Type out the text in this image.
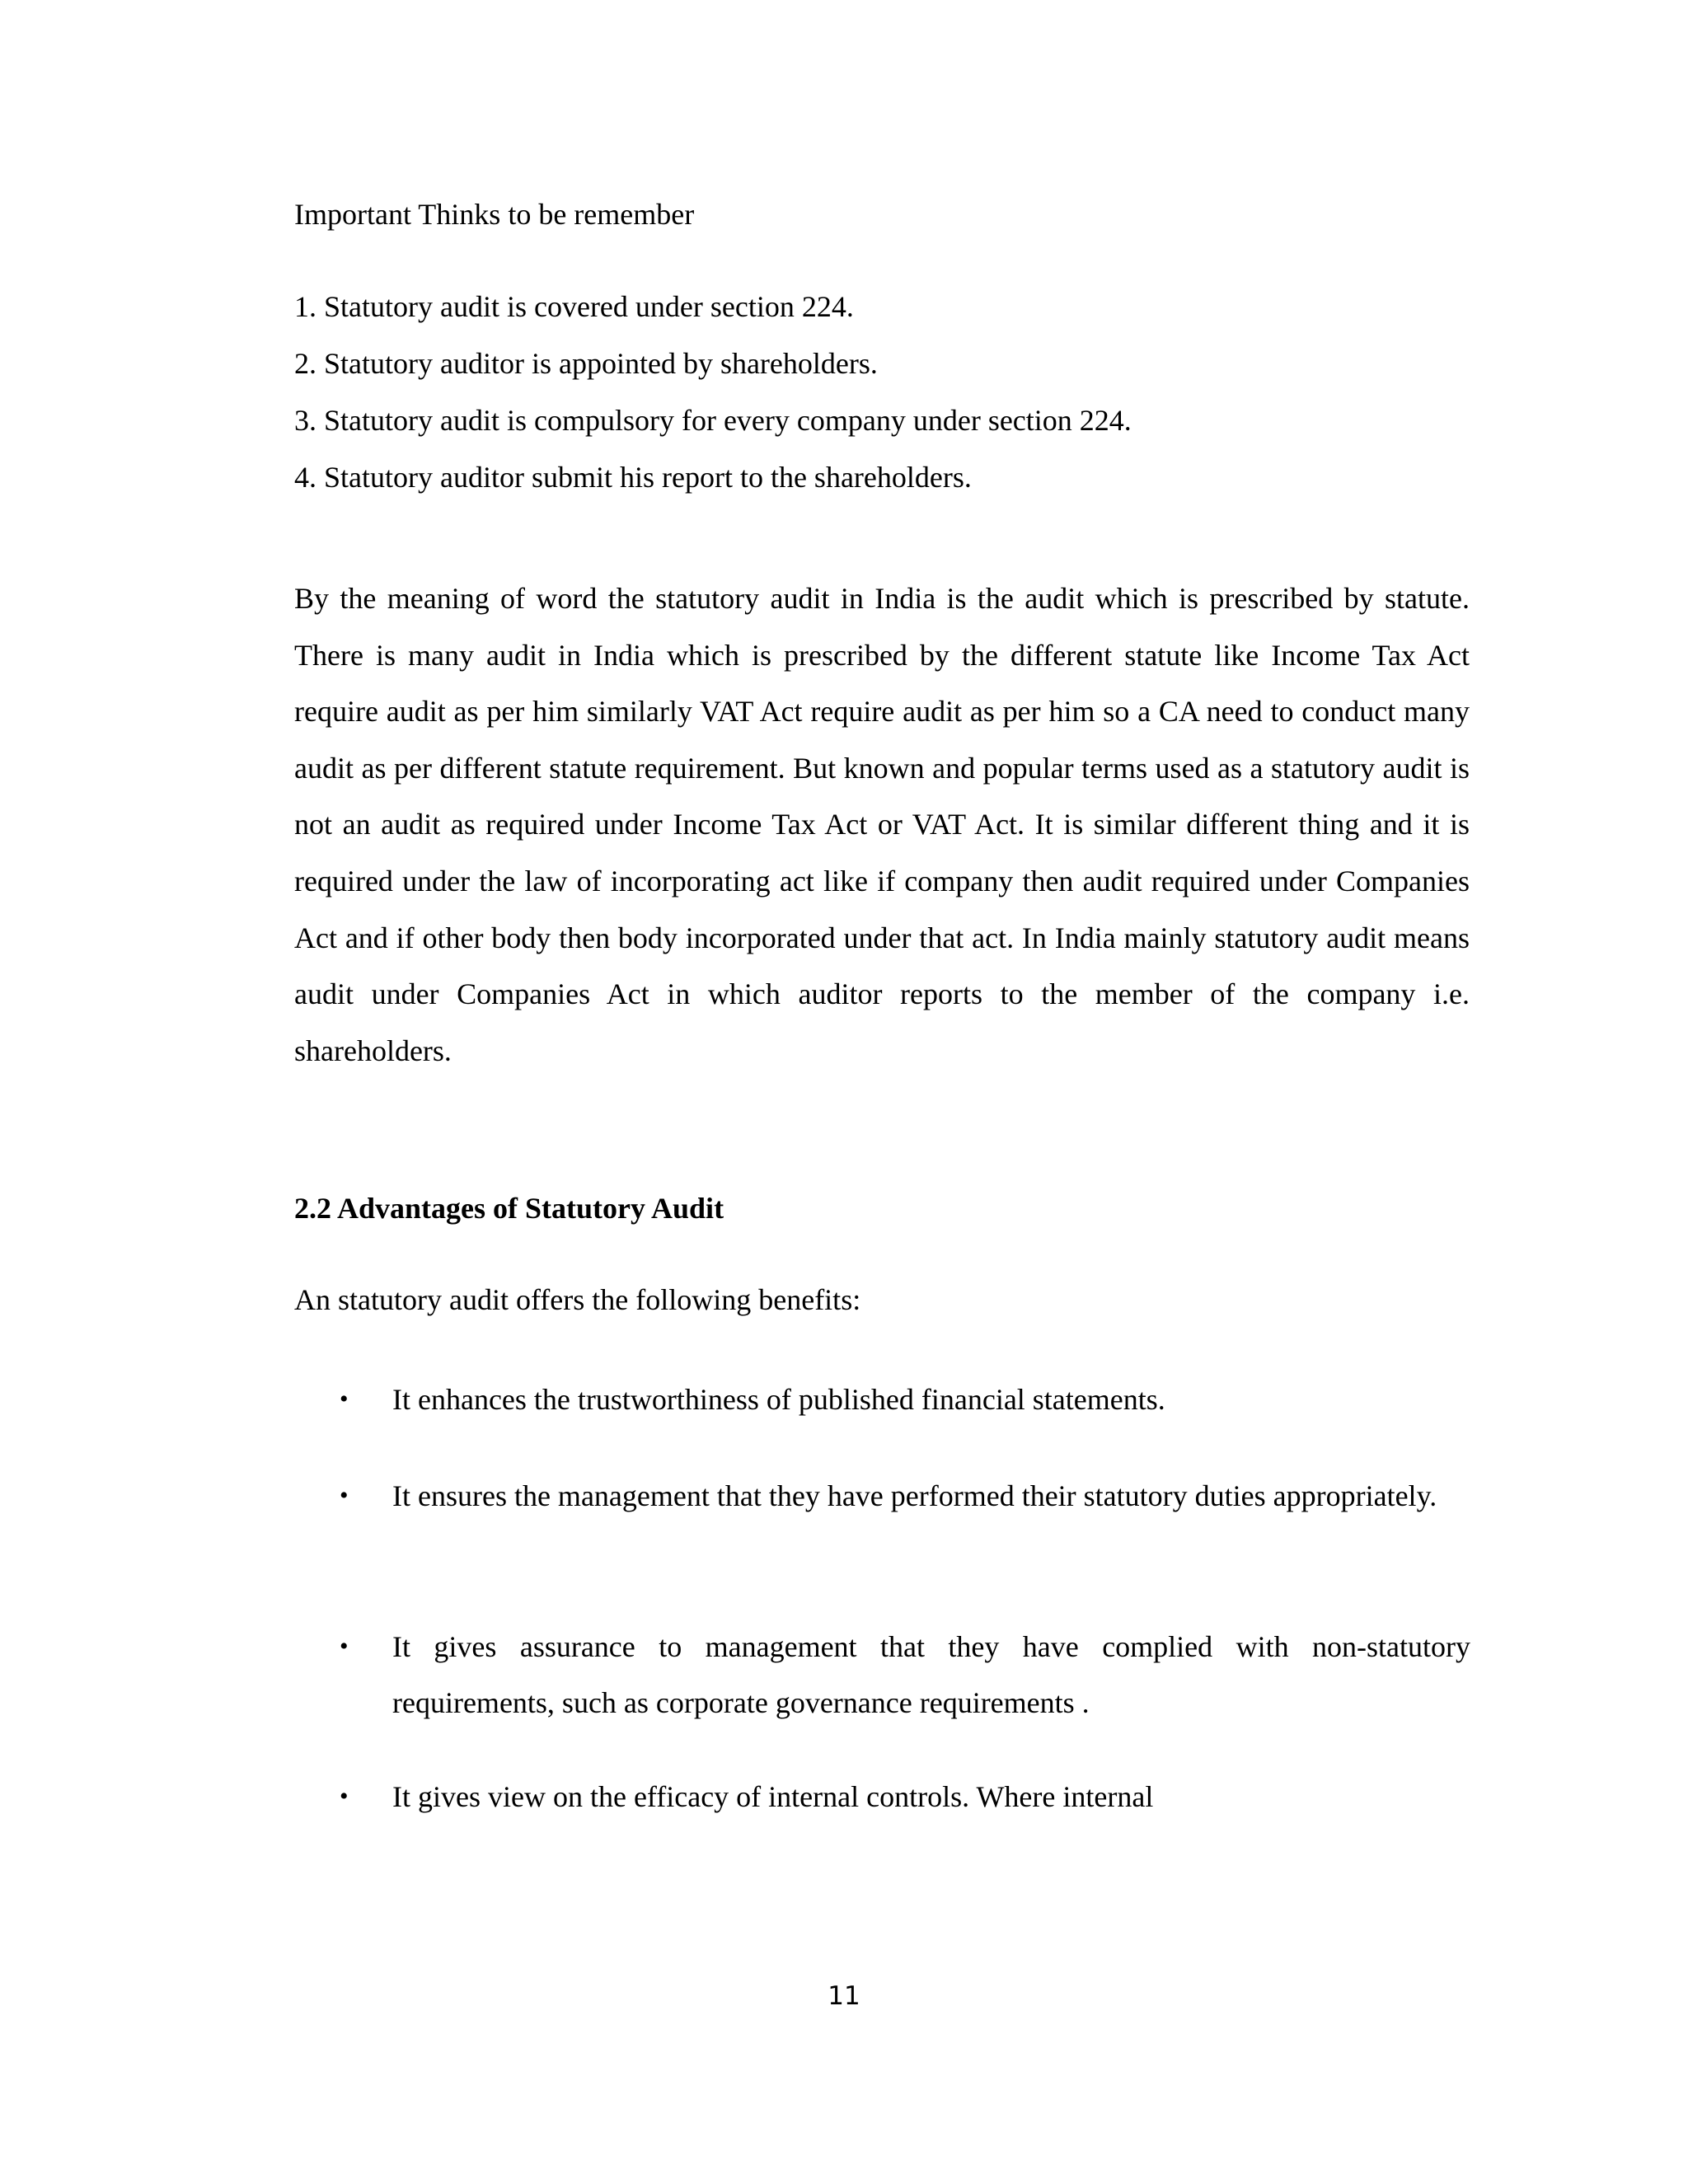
Important Thinks to be remember
1. Statutory audit is covered under section 224.
2. Statutory auditor is appointed by shareholders.
3. Statutory audit is compulsory for every company under section 224.
4. Statutory auditor submit his report to the shareholders.

By the meaning of word the statutory audit in India is the audit which is prescribed by statute. There is many audit in India which is prescribed by the different statute like Income Tax Act require audit as per him similarly VAT Act require audit as per him so a CA need to conduct many audit as per different statute requirement. But known and popular terms used as a statutory audit is not an audit as required under Income Tax Act or VAT Act. It is similar different thing and it is required under the law of incorporating act like if company then audit required under Companies Act and if other body then body incorporated under that act. In India mainly statutory audit means audit under Companies Act in which auditor reports to the member of the company i.e. shareholders.

2.2 Advantages of Statutory Audit
An statutory audit offers the following benefits:
• It enhances the trustworthiness of published financial statements.
• It ensures the management that they have performed their statutory duties appropriately.
• It gives assurance to management that they have complied with non-statutory requirements, such as corporate governance requirements .
• It gives view on the efficacy of internal controls. Where internal
11
